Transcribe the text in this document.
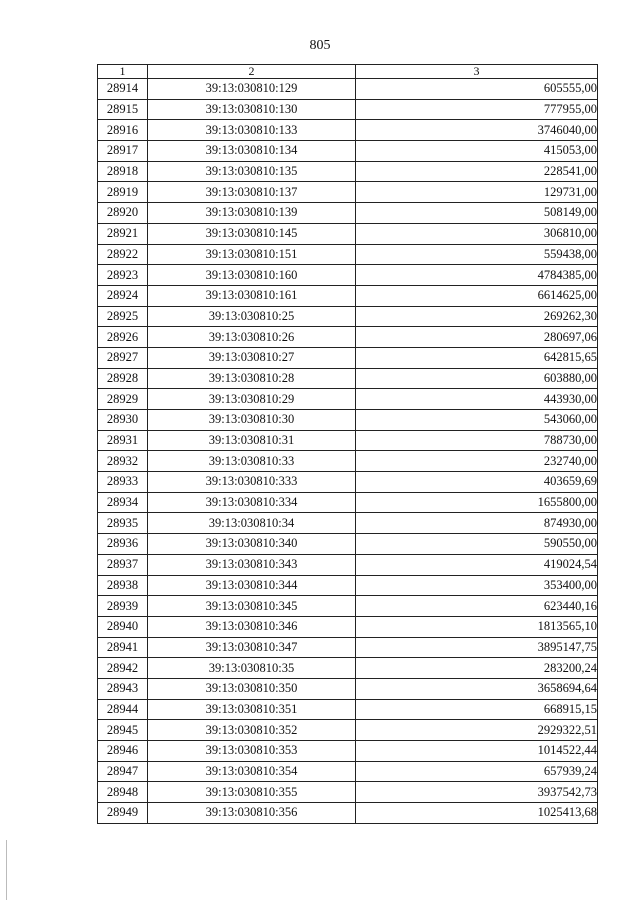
805
1	2	3
28914	39:13:030810:129	605555,00
28915	39:13:030810:130	777955,00
28916	39:13:030810:133	3746040,00
28917	39:13:030810:134	415053,00
28918	39:13:030810:135	228541,00
28919	39:13:030810:137	129731,00
28920	39:13:030810:139	508149,00
28921	39:13:030810:145	306810,00
28922	39:13:030810:151	559438,00
28923	39:13:030810:160	4784385,00
28924	39:13:030810:161	6614625,00
28925	39:13:030810:25	269262,30
28926	39:13:030810:26	280697,06
28927	39:13:030810:27	642815,65
28928	39:13:030810:28	603880,00
28929	39:13:030810:29	443930,00
28930	39:13:030810:30	543060,00
28931	39:13:030810:31	788730,00
28932	39:13:030810:33	232740,00
28933	39:13:030810:333	403659,69
28934	39:13:030810:334	1655800,00
28935	39:13:030810:34	874930,00
28936	39:13:030810:340	590550,00
28937	39:13:030810:343	419024,54
28938	39:13:030810:344	353400,00
28939	39:13:030810:345	623440,16
28940	39:13:030810:346	1813565,10
28941	39:13:030810:347	3895147,75
28942	39:13:030810:35	283200,24
28943	39:13:030810:350	3658694,64
28944	39:13:030810:351	668915,15
28945	39:13:030810:352	2929322,51
28946	39:13:030810:353	1014522,44
28947	39:13:030810:354	657939,24
28948	39:13:030810:355	3937542,73
28949	39:13:030810:356	1025413,68
